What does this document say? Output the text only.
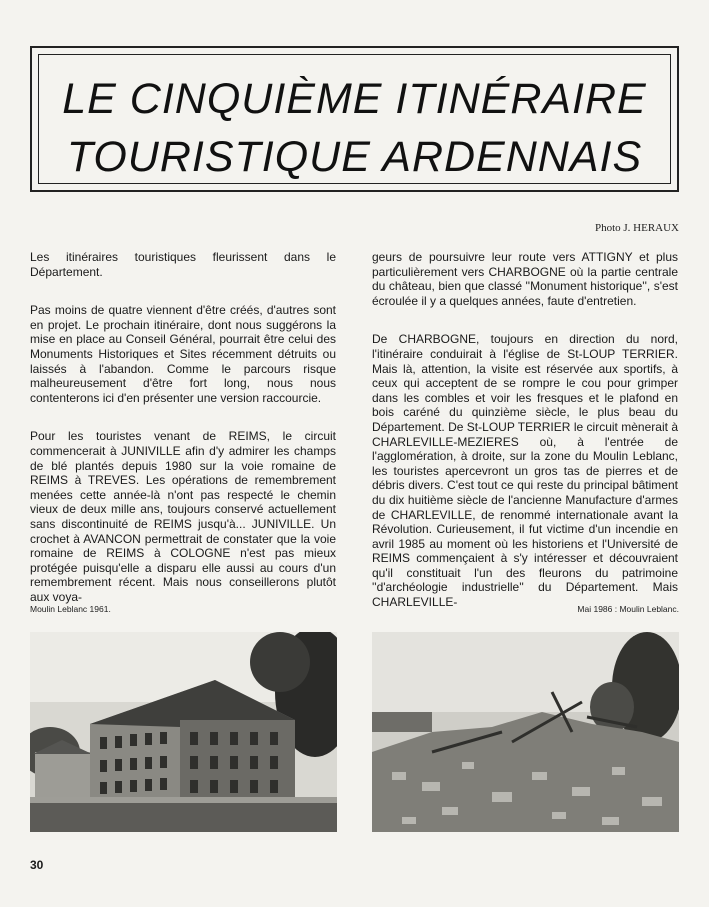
LE CINQUIÈME ITINÉRAIRE
TOURISTIQUE ARDENNAIS
Photo J. HERAUX

Les itinéraires touristiques fleurissent dans le Département.

Pas moins de quatre viennent d'être créés, d'autres sont en projet. Le prochain itinéraire, dont nous suggérons la mise en place au Conseil Général, pourrait être celui des Monuments Historiques et Sites récemment détruits ou laissés à l'abandon. Comme le parcours risque malheureusement d'être fort long, nous nous contenterons ici d'en présenter une version raccourcie.

Pour les touristes venant de REIMS, le circuit commencerait à JUNIVILLE afin d'y admirer les champs de blé plantés depuis 1980 sur la voie romaine de REIMS à TREVES. Les opérations de remembrement menées cette année-là n'ont pas respecté le chemin vieux de deux mille ans, toujours conservé actuellement sans discontinuité de REIMS jusqu'à... JUNIVILLE. Un crochet à AVANCON permettrait de constater que la voie romaine de REIMS à COLOGNE n'est pas mieux protégée puisqu'elle a disparu elle aussi au cours d'un remembrement récent. Mais nous conseillerons plutôt aux voya-

geurs de poursuivre leur route vers ATTIGNY et plus particulièrement vers CHARBOGNE où la partie centrale du château, bien que classé ''Monument historique'', s'est écroulée il y a quelques années, faute d'entretien.

De CHARBOGNE, toujours en direction du nord, l'itinéraire conduirait à l'église de St-LOUP TERRIER. Mais là, attention, la visite est réservée aux sportifs, à ceux qui acceptent de se rompre le cou pour grimper dans les combles et voir les fresques et le plafond en bois caréné du quinzième siècle, le plus beau du Département. De St-LOUP TERRIER le circuit mènerait à CHARLEVILLE-MEZIERES où, à l'entrée de l'agglomération, à droite, sur la zone du Moulin Leblanc, les touristes apercevront un gros tas de pierres et de débris divers. C'est tout ce qui reste du principal bâtiment du dix huitième siècle de l'ancienne Manufacture d'armes de CHARLEVILLE, de renommé internationale avant la Révolution. Curieusement, il fut victime d'un incendie en avril 1985 au moment où les historiens et l'Université de REIMS commençaient à s'y intéresser et découvraient qu'il constituait l'un des fleurons du patrimoine ''d'archéologie industrielle'' du Département. Mais CHARLEVILLE-

Moulin Leblanc 1961.	Mai 1986 : Moulin Leblanc.
30
